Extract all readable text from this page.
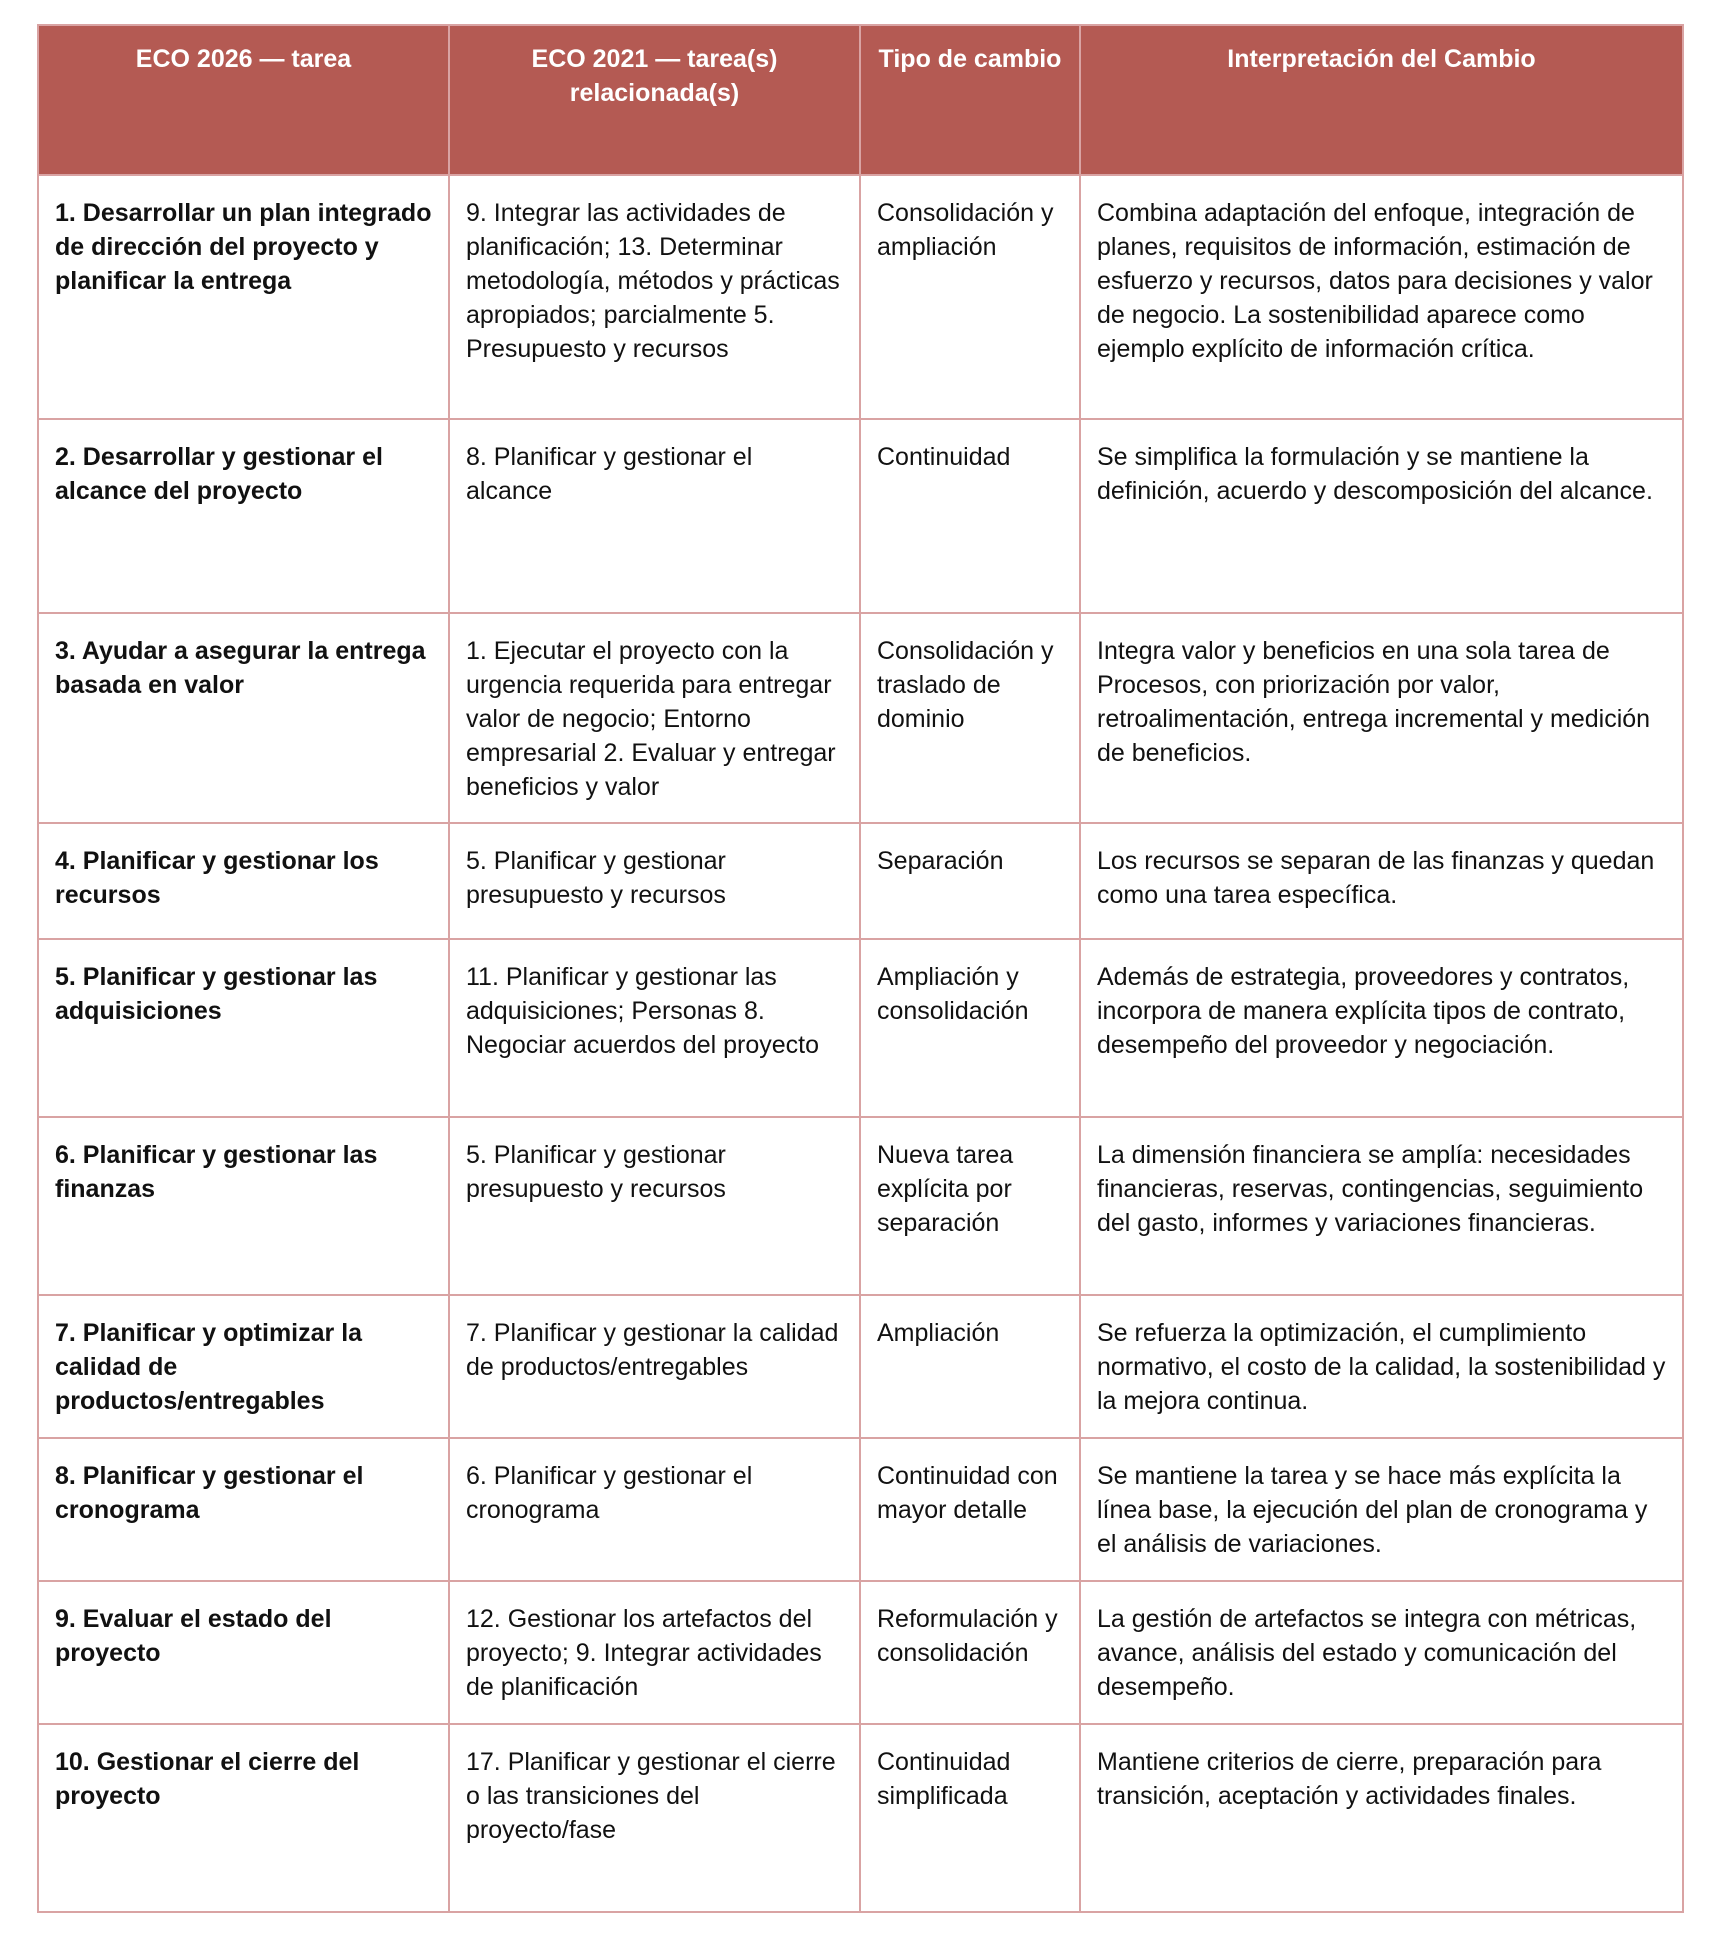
ECO 2026 — tarea	ECO 2021 — tarea(s) relacionada(s)	Tipo de cambio	Interpretación del Cambio
1. Desarrollar un plan integrado de dirección del proyecto y planificar la entrega	9. Integrar las actividades de planificación; 13. Determinar metodología, métodos y prácticas apropiados; parcialmente 5. Presupuesto y recursos	Consolidación y ampliación	Combina adaptación del enfoque, integración de planes, requisitos de información, estimación de esfuerzo y recursos, datos para decisiones y valor de negocio. La sostenibilidad aparece como ejemplo explícito de información crítica.
2. Desarrollar y gestionar el alcance del proyecto	8. Planificar y gestionar el alcance	Continuidad	Se simplifica la formulación y se mantiene la definición, acuerdo y descomposición del alcance.
3. Ayudar a asegurar la entrega basada en valor	1. Ejecutar el proyecto con la urgencia requerida para entregar valor de negocio; Entorno empresarial 2. Evaluar y entregar beneficios y valor	Consolidación y traslado de dominio	Integra valor y beneficios en una sola tarea de Procesos, con priorización por valor, retroalimentación, entrega incremental y medición de beneficios.
4. Planificar y gestionar los recursos	5. Planificar y gestionar presupuesto y recursos	Separación	Los recursos se separan de las finanzas y quedan como una tarea específica.
5. Planificar y gestionar las adquisiciones	11. Planificar y gestionar las adquisiciones; Personas 8. Negociar acuerdos del proyecto	Ampliación y consolidación	Además de estrategia, proveedores y contratos, incorpora de manera explícita tipos de contrato, desempeño del proveedor y negociación.
6. Planificar y gestionar las finanzas	5. Planificar y gestionar presupuesto y recursos	Nueva tarea explícita por separación	La dimensión financiera se amplía: necesidades financieras, reservas, contingencias, seguimiento del gasto, informes y variaciones financieras.
7. Planificar y optimizar la calidad de productos/entregables	7. Planificar y gestionar la calidad de productos/entregables	Ampliación	Se refuerza la optimización, el cumplimiento normativo, el costo de la calidad, la sostenibilidad y la mejora continua.
8. Planificar y gestionar el cronograma	6. Planificar y gestionar el cronograma	Continuidad con mayor detalle	Se mantiene la tarea y se hace más explícita la línea base, la ejecución del plan de cronograma y el análisis de variaciones.
9. Evaluar el estado del proyecto	12. Gestionar los artefactos del proyecto; 9. Integrar actividades de planificación	Reformulación y consolidación	La gestión de artefactos se integra con métricas, avance, análisis del estado y comunicación del desempeño.
10. Gestionar el cierre del proyecto	17. Planificar y gestionar el cierre o las transiciones del proyecto/fase	Continuidad simplificada	Mantiene criterios de cierre, preparación para transición, aceptación y actividades finales.
